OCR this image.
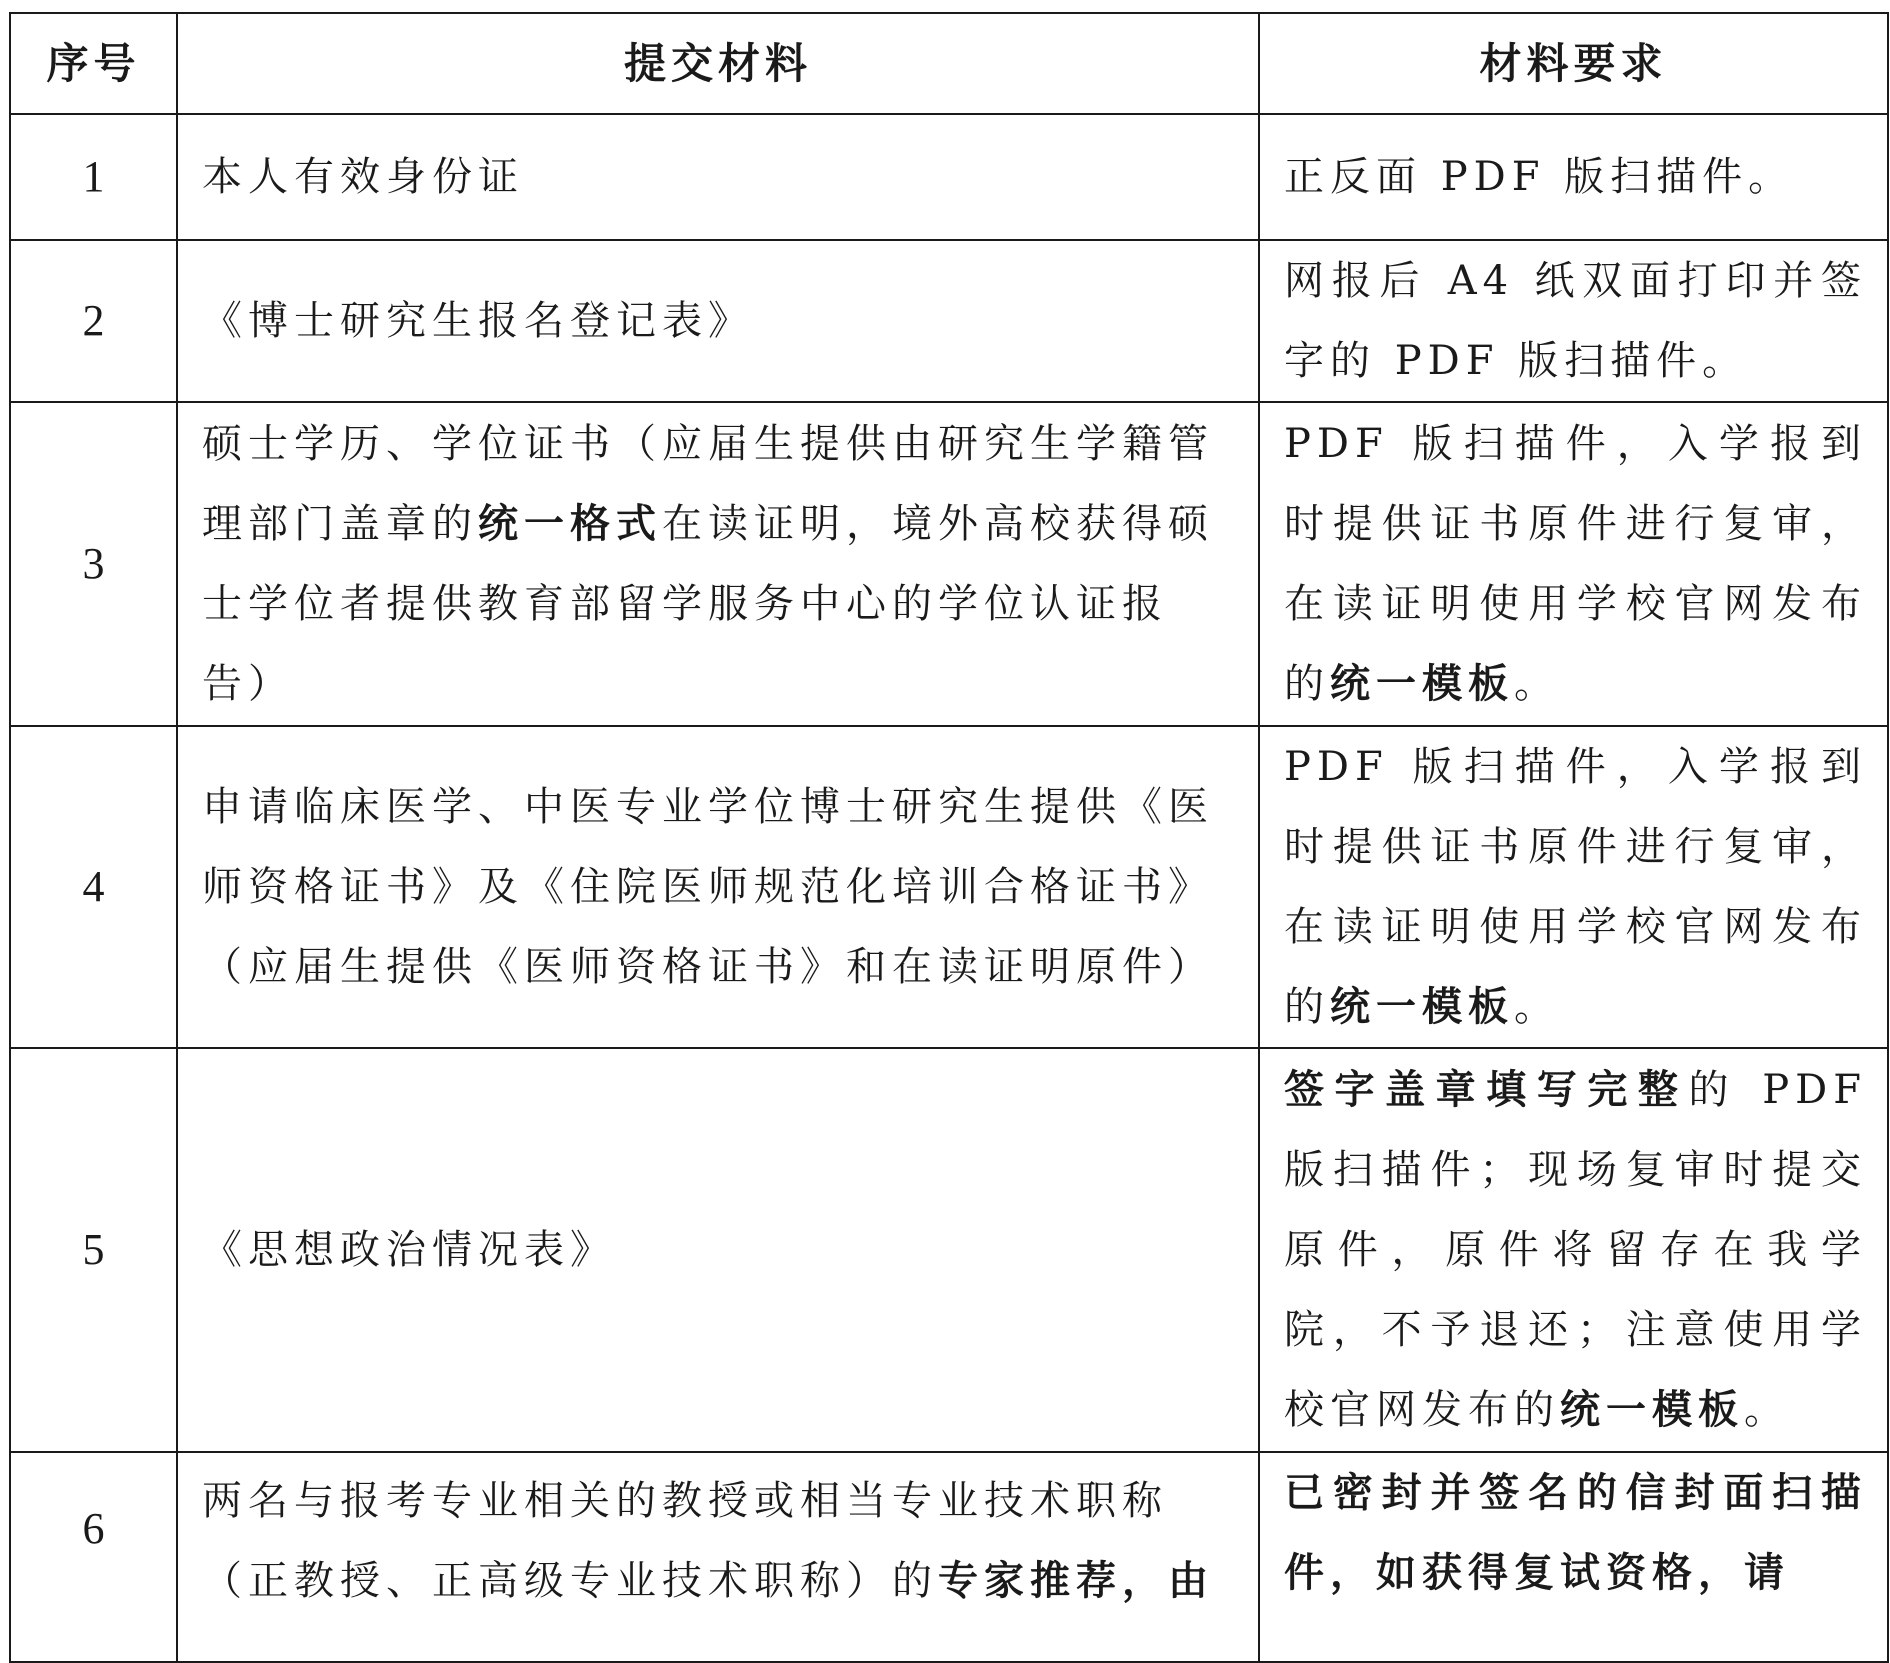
序号	提交材料	材料要求
1	本人有效身份证	正反面 PDF 版扫描件。
2	《博士研究生报名登记表》	网报后 A4 纸双面打印并签字的 PDF 版扫描件。
3	硕士学历、学位证书（应届生提供由研究生学籍管理部门盖章的统一格式在读证明，境外高校获得硕士学位者提供教育部留学服务中心的学位认证报告）	PDF 版扫描件，入学报到时提供证书原件进行复审，在读证明使用学校官网发布的统一模板。
4	申请临床医学、中医专业学位博士研究生提供《医师资格证书》及《住院医师规范化培训合格证书》（应届生提供《医师资格证书》和在读证明原件）	PDF 版扫描件，入学报到时提供证书原件进行复审，在读证明使用学校官网发布的统一模板。
5	《思想政治情况表》	签字盖章填写完整的 PDF 版扫描件；现场复审时提交原件，原件将留存在我学院，不予退还；注意使用学校官网发布的统一模板。
6	两名与报考专业相关的教授或相当专业技术职称（正教授、正高级专业技术职称）的专家推荐，由	已密封并签名的信封面扫描件，如获得复试资格，请
